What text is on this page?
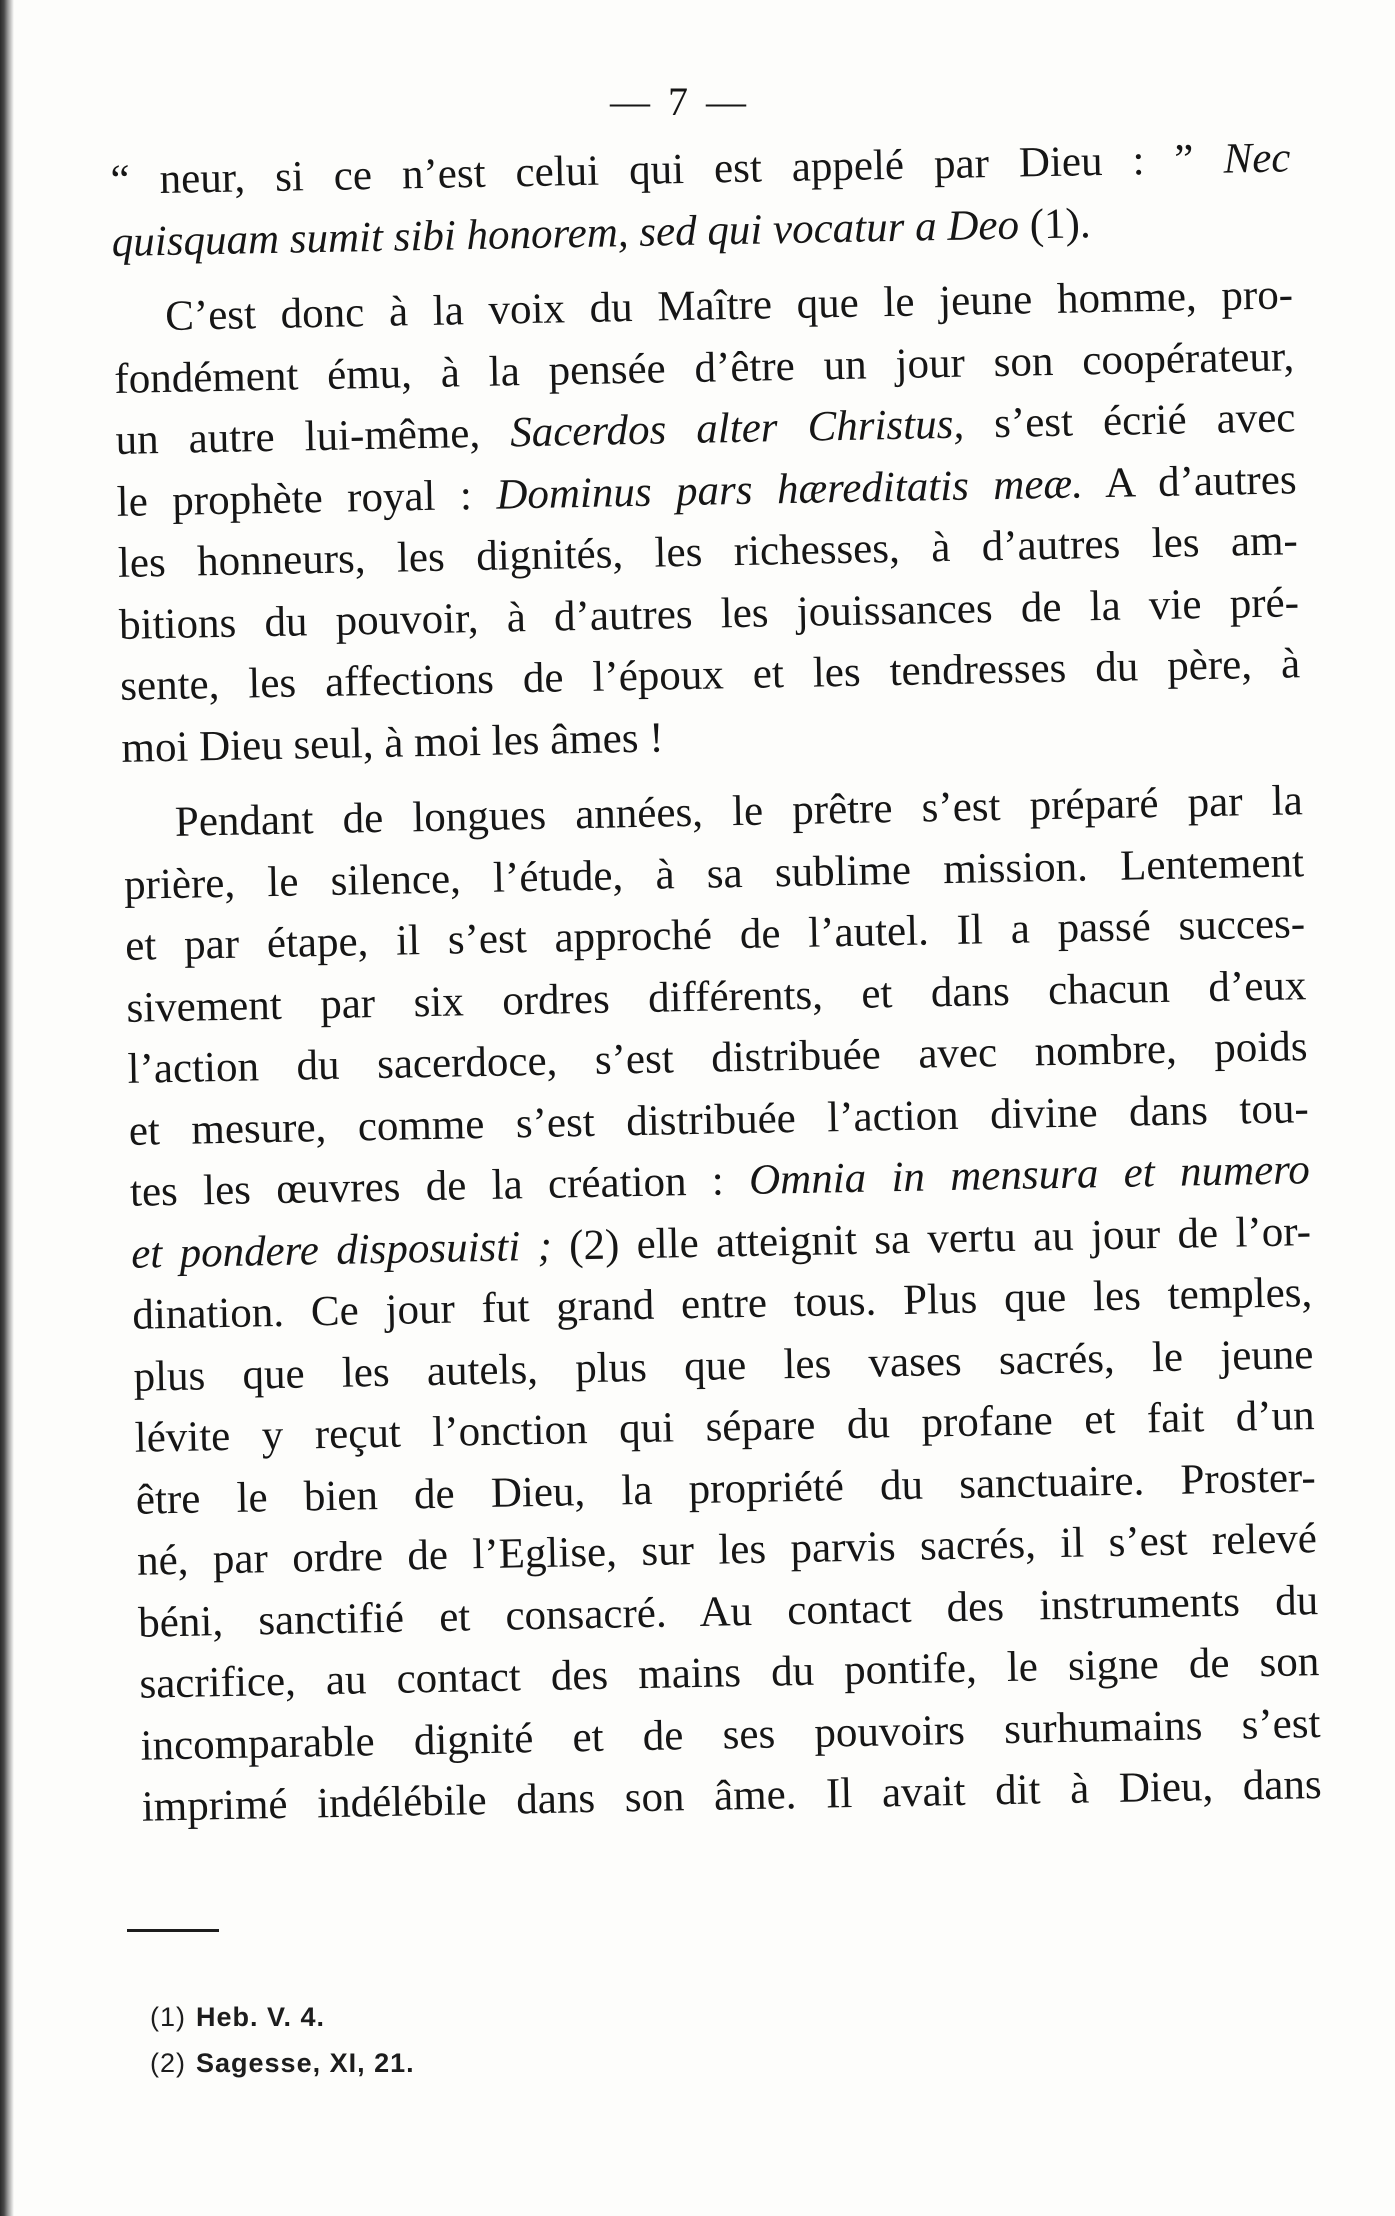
— 7 —
“ neur, si ce n’est celui qui est appelé par Dieu : ” Nec
quisquam sumit sibi honorem, sed qui vocatur a Deo (1).
C’est donc à la voix du Maître que le jeune homme, pro-
fondément ému, à la pensée d’être un jour son coopérateur,
un autre lui-même, Sacerdos alter Christus, s’est écrié avec
le prophète royal : Dominus pars hæreditatis meæ. A d’autres
les honneurs, les dignités, les richesses, à d’autres les am-
bitions du pouvoir, à d’autres les jouissances de la vie pré-
sente, les affections de l’époux et les tendresses du père, à
moi Dieu seul, à moi les âmes !
Pendant de longues années, le prêtre s’est préparé par la
prière, le silence, l’étude, à sa sublime mission. Lentement
et par étape, il s’est approché de l’autel. Il a passé succes-
sivement par six ordres différents, et dans chacun d’eux
l’action du sacerdoce, s’est distribuée avec nombre, poids
et mesure, comme s’est distribuée l’action divine dans tou-
tes les œuvres de la création : Omnia in mensura et numero
et pondere disposuisti ; (2) elle atteignit sa vertu au jour de l’or-
dination. Ce jour fut grand entre tous. Plus que les temples,
plus que les autels, plus que les vases sacrés, le jeune
lévite y reçut l’onction qui sépare du profane et fait d’un
être le bien de Dieu, la propriété du sanctuaire. Proster-
né, par ordre de l’Eglise, sur les parvis sacrés, il s’est relevé
béni, sanctifié et consacré. Au contact des instruments du
sacrifice, au contact des mains du pontife, le signe de son
incomparable dignité et de ses pouvoirs surhumains s’est
imprimé indélébile dans son âme. Il avait dit à Dieu, dans
(1) Heb. V. 4.
(2) Sagesse, XI, 21.
